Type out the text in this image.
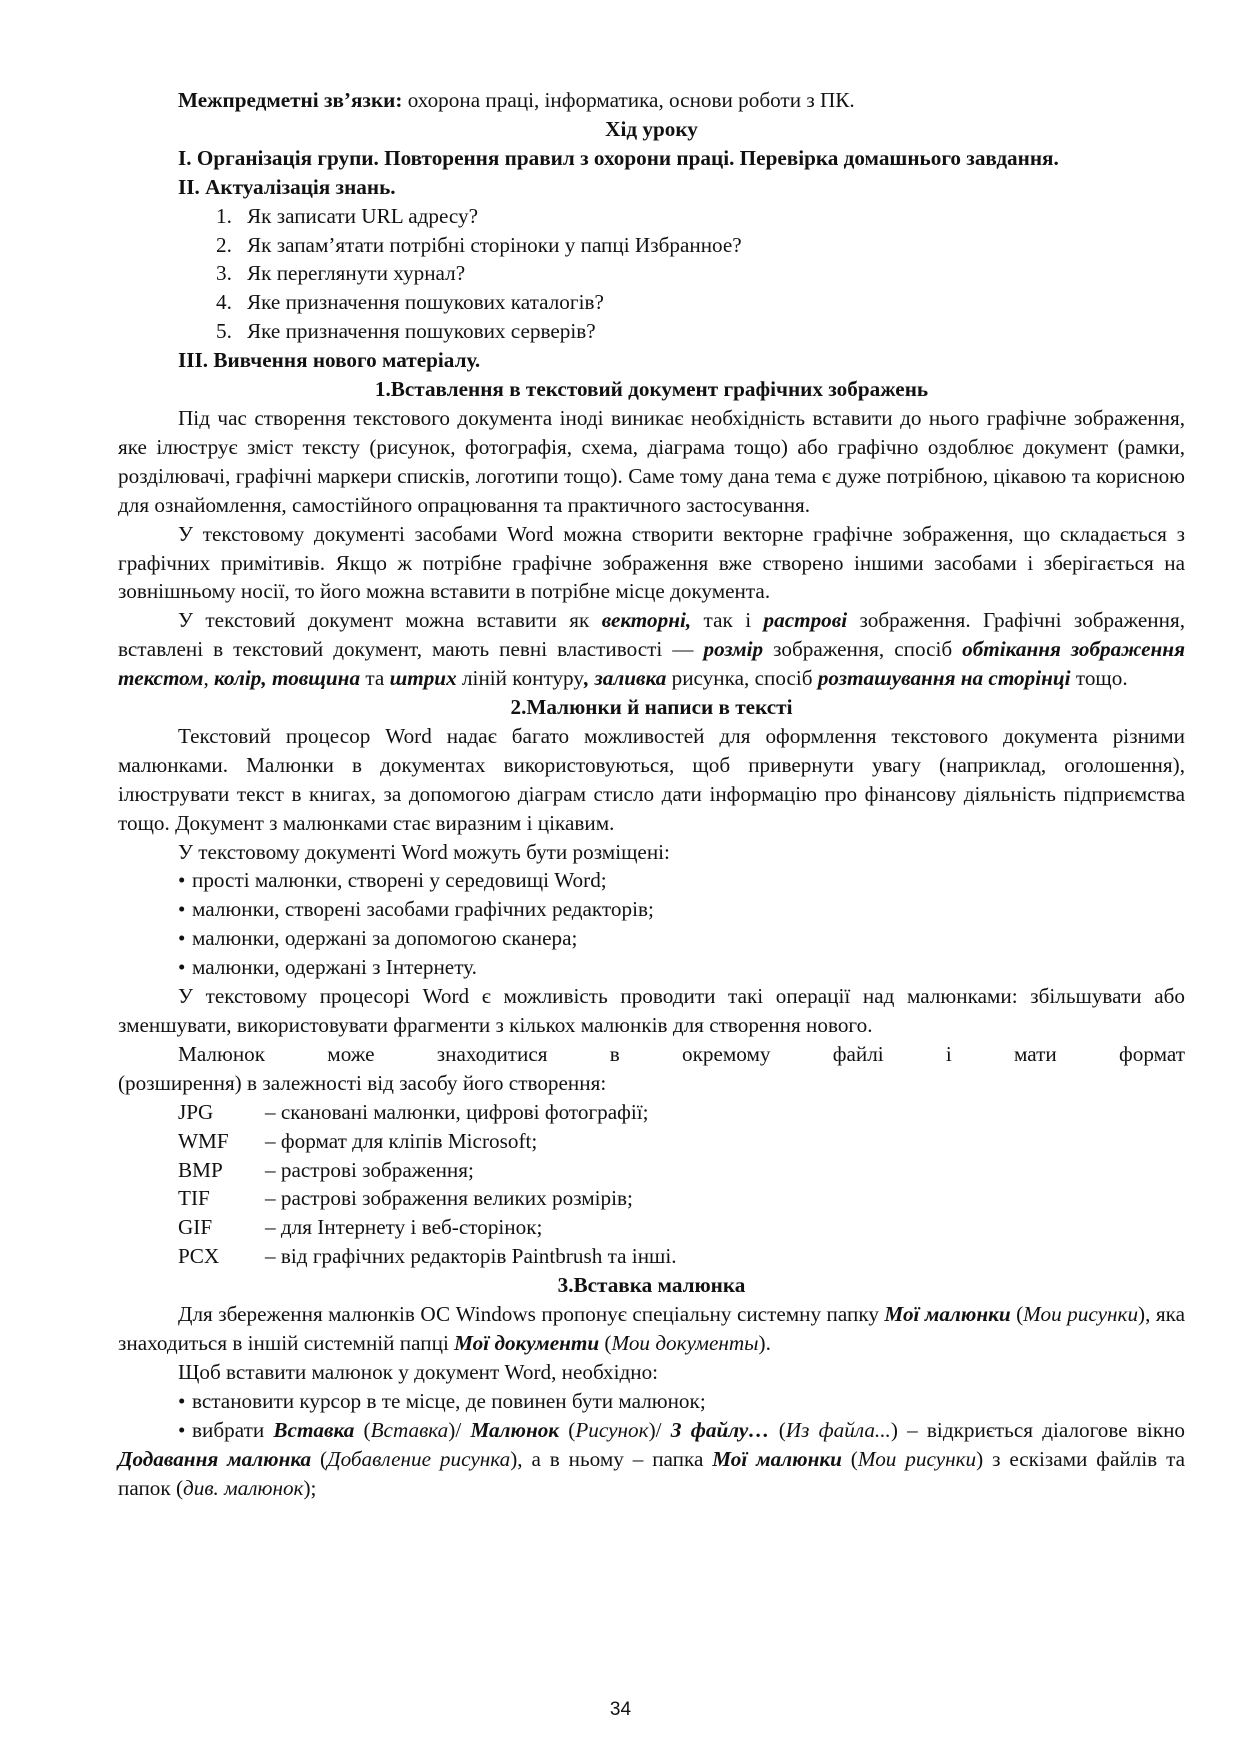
Межпредметні зв’язки: охорона праці, інформатика, основи роботи з ПК.

Хід уроку

І. Організація групи. Повторення правил з охорони праці. Перевірка домашнього завдання.

ІІ. Актуалізація знань.

1. Як записати URL адресу?
2. Як запам’ятати потрібні сторіноки у папці Избранное?
3. Як переглянути хурнал?
4. Яке призначення пошукових каталогів?
5. Яке призначення пошукових серверів?

ІІІ. Вивчення нового матеріалу.

1.Вставлення в текстовий документ графічних зображень

Під час створення текстового документа іноді виникає необхідність вставити до нього графічне зображення, яке ілюструє зміст тексту (рисунок, фотографія, схема, діаграма тощо) або графічно оздоблює документ (рамки, розділювачі, графічні маркери списків, логотипи тощо). Саме тому дана тема є дуже потрібною, цікавою та корисною для ознайомлення, самостійного опрацювання та практичного застосування.

У текстовому документі засобами Word можна створити векторне графічне зображення, що складається з графічних примітивів. Якщо ж потрібне графічне зображення вже створено іншими засобами і зберігається на зовнішньому носії, то його можна вставити в потрібне місце документа.

У текстовий документ можна вставити як векторні, так і растрові зображення. Графічні зображення, вставлені в текстовий документ, мають певні властивості — розмір зображення, спосіб обтікання зображення текстом, колір, товщина та штрих ліній контуру, заливка рисунка, спосіб розташування на сторінці тощо.

2.Малюнки й написи в тексті

Текстовий процесор Word надає багато можливостей для оформлення текстового документа різними малюнками. Малюнки в документах використовуються, щоб привернути увагу (наприклад, оголошення), ілюструвати текст в книгах, за допомогою діаграм стисло дати інформацію про фінансову діяльність підприємства тощо. Документ з малюнками стає виразним і цікавим.

У текстовому документі Word можуть бути розміщені:

• прості малюнки, створені у середовищі Word;

• малюнки, створені засобами графічних редакторів;

• малюнки, одержані за допомогою сканера;

• малюнки, одержані з Інтернету.

У текстовому процесорі Word є можливість проводити такі операції над малюнками: збільшувати або зменшувати, використовувати фрагменти з кількох малюнків для створення нового.

Малюнок	може	знаходитися	в	окремому	файлі	і	мати	формат

(розширення) в залежності від засобу його створення:

JPG	– скановані малюнки, цифрові фотографії;
WMF	– формат для кліпів Microsoft;
BMP	– растрові зображення;
TIF	– растрові зображення великих розмірів;
GIF	– для Інтернету і веб-сторінок;
PCX	– від графічних редакторів Paintbrush та інші.

3.Вставка малюнка

Для збереження малюнків ОС Windows пропонує спеціальну системну папку Мої малюнки (Мои рисунки), яка знаходиться в іншій системній папці Мої документи (Мои документы).

Щоб вставити малюнок у документ Word, необхідно:

• встановити курсор в те місце, де повинен бути малюнок;

• вибрати Вставка (Вставка)/ Малюнок (Рисунок)/ З файлу… (Из файла...) – відкриється діалогове вікно Додавання малюнка (Добавление рисунка), а в ньому – папка Мої малюнки (Мои рисунки) з ескізами файлів та папок (див. малюнок);

34
